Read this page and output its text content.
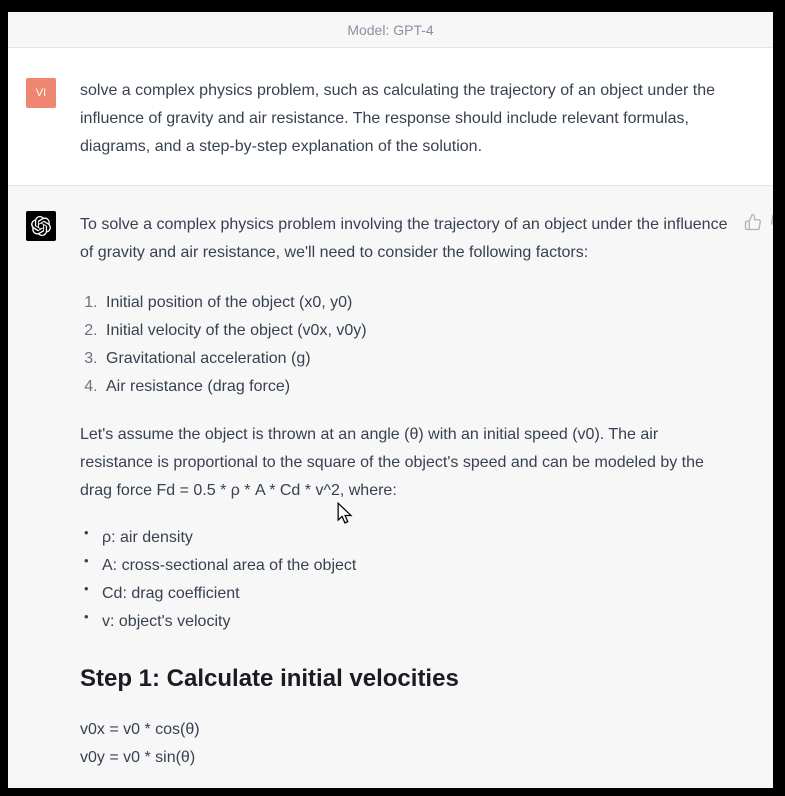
Model: GPT-4
VI	solve a complex physics problem, such as calculating the trajectory of an object under the influence of gravity and air resistance. The response should include relevant formulas, diagrams, and a step-by-step explanation of the solution.

To solve a complex physics problem involving the trajectory of an object under the influence of gravity and air resistance, we'll need to consider the following factors:

1. Initial position of the object (x0, y0)
2. Initial velocity of the object (v0x, v0y)
3. Gravitational acceleration (g)
4. Air resistance (drag force)

Let's assume the object is thrown at an angle (θ) with an initial speed (v0). The air resistance is proportional to the square of the object's speed and can be modeled by the drag force Fd = 0.5 * ρ * A * Cd * v^2, where:

• ρ: air density
• A: cross-sectional area of the object
• Cd: drag coefficient
• v: object's velocity
Step 1: Calculate initial velocities

v0x = v0 * cos(θ)

v0y = v0 * sin(θ)
